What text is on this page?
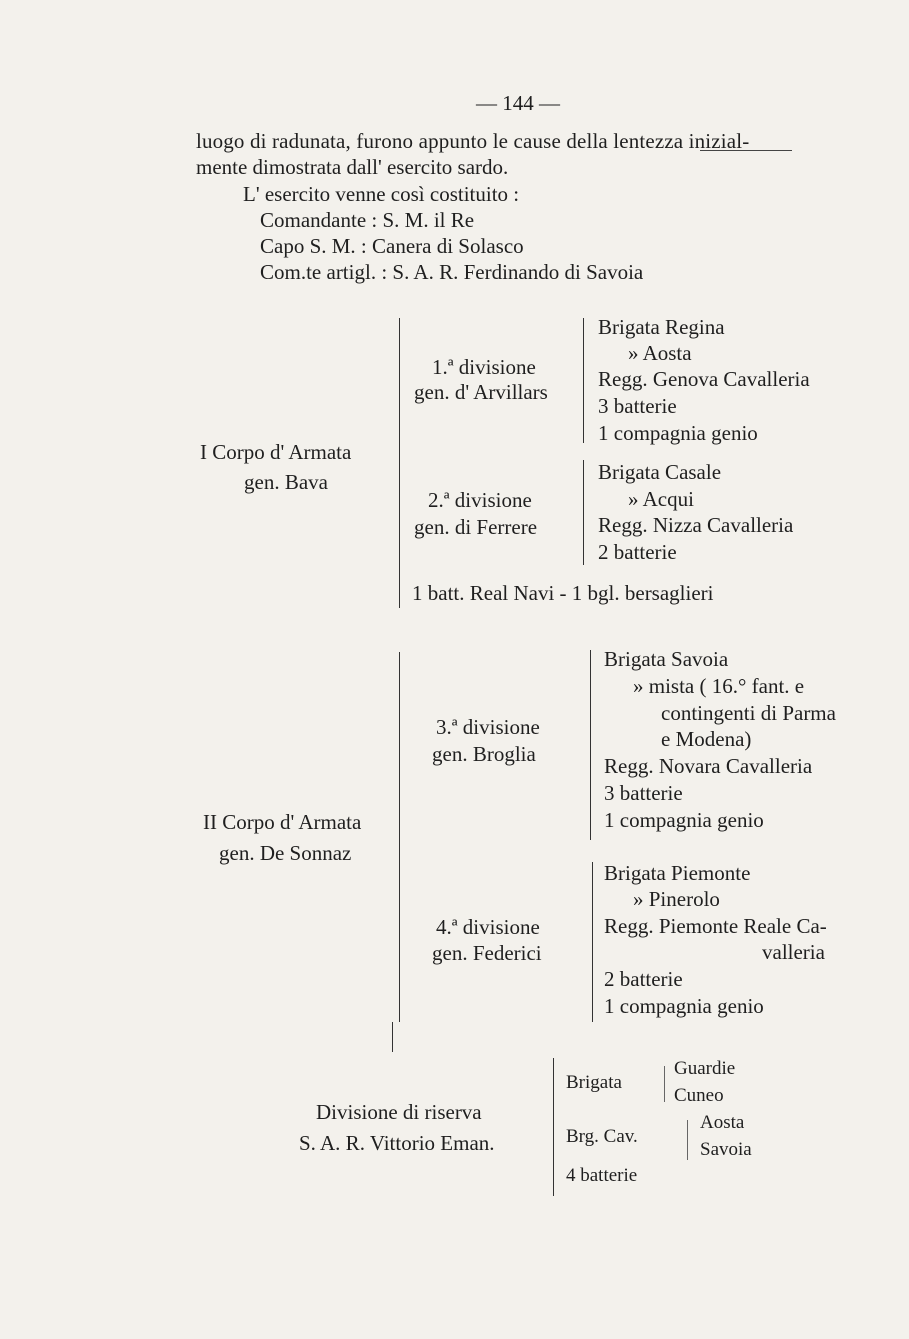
— 144 —
luogo di radunata, furono appunto le cause della lentezza inizial-
mente dimostrata dall' esercito sardo.
L' esercito venne così costituito :
Comandante : S. M. il Re
Capo S. M. : Canera di Solasco
Com.te artigl. : S. A. R. Ferdinando di Savoia
I Corpo d' Armata
gen. Bava
1.ª divisione
gen. d' Arvillars
Brigata Regina
» Aosta
Regg. Genova Cavalleria
3 batterie
1 compagnia genio
2.ª divisione
gen. di Ferrere
Brigata Casale
» Acqui
Regg. Nizza Cavalleria
2 batterie
1 batt. Real Navi - 1 bgl. bersaglieri
II Corpo d' Armata
gen. De Sonnaz
3.ª divisione
gen. Broglia
Brigata Savoia
» mista ( 16.° fant. e
contingenti di Parma
e Modena)
Regg. Novara Cavalleria
3 batterie
1 compagnia genio
4.ª divisione
gen. Federici
Brigata Piemonte
» Pinerolo
Regg. Piemonte Reale Ca-
valleria
2 batterie
1 compagnia genio
Divisione di riserva
S. A. R. Vittorio Eman.
Brigata
Guardie
Cuneo
Brg. Cav.
Aosta
Savoia
4 batterie
